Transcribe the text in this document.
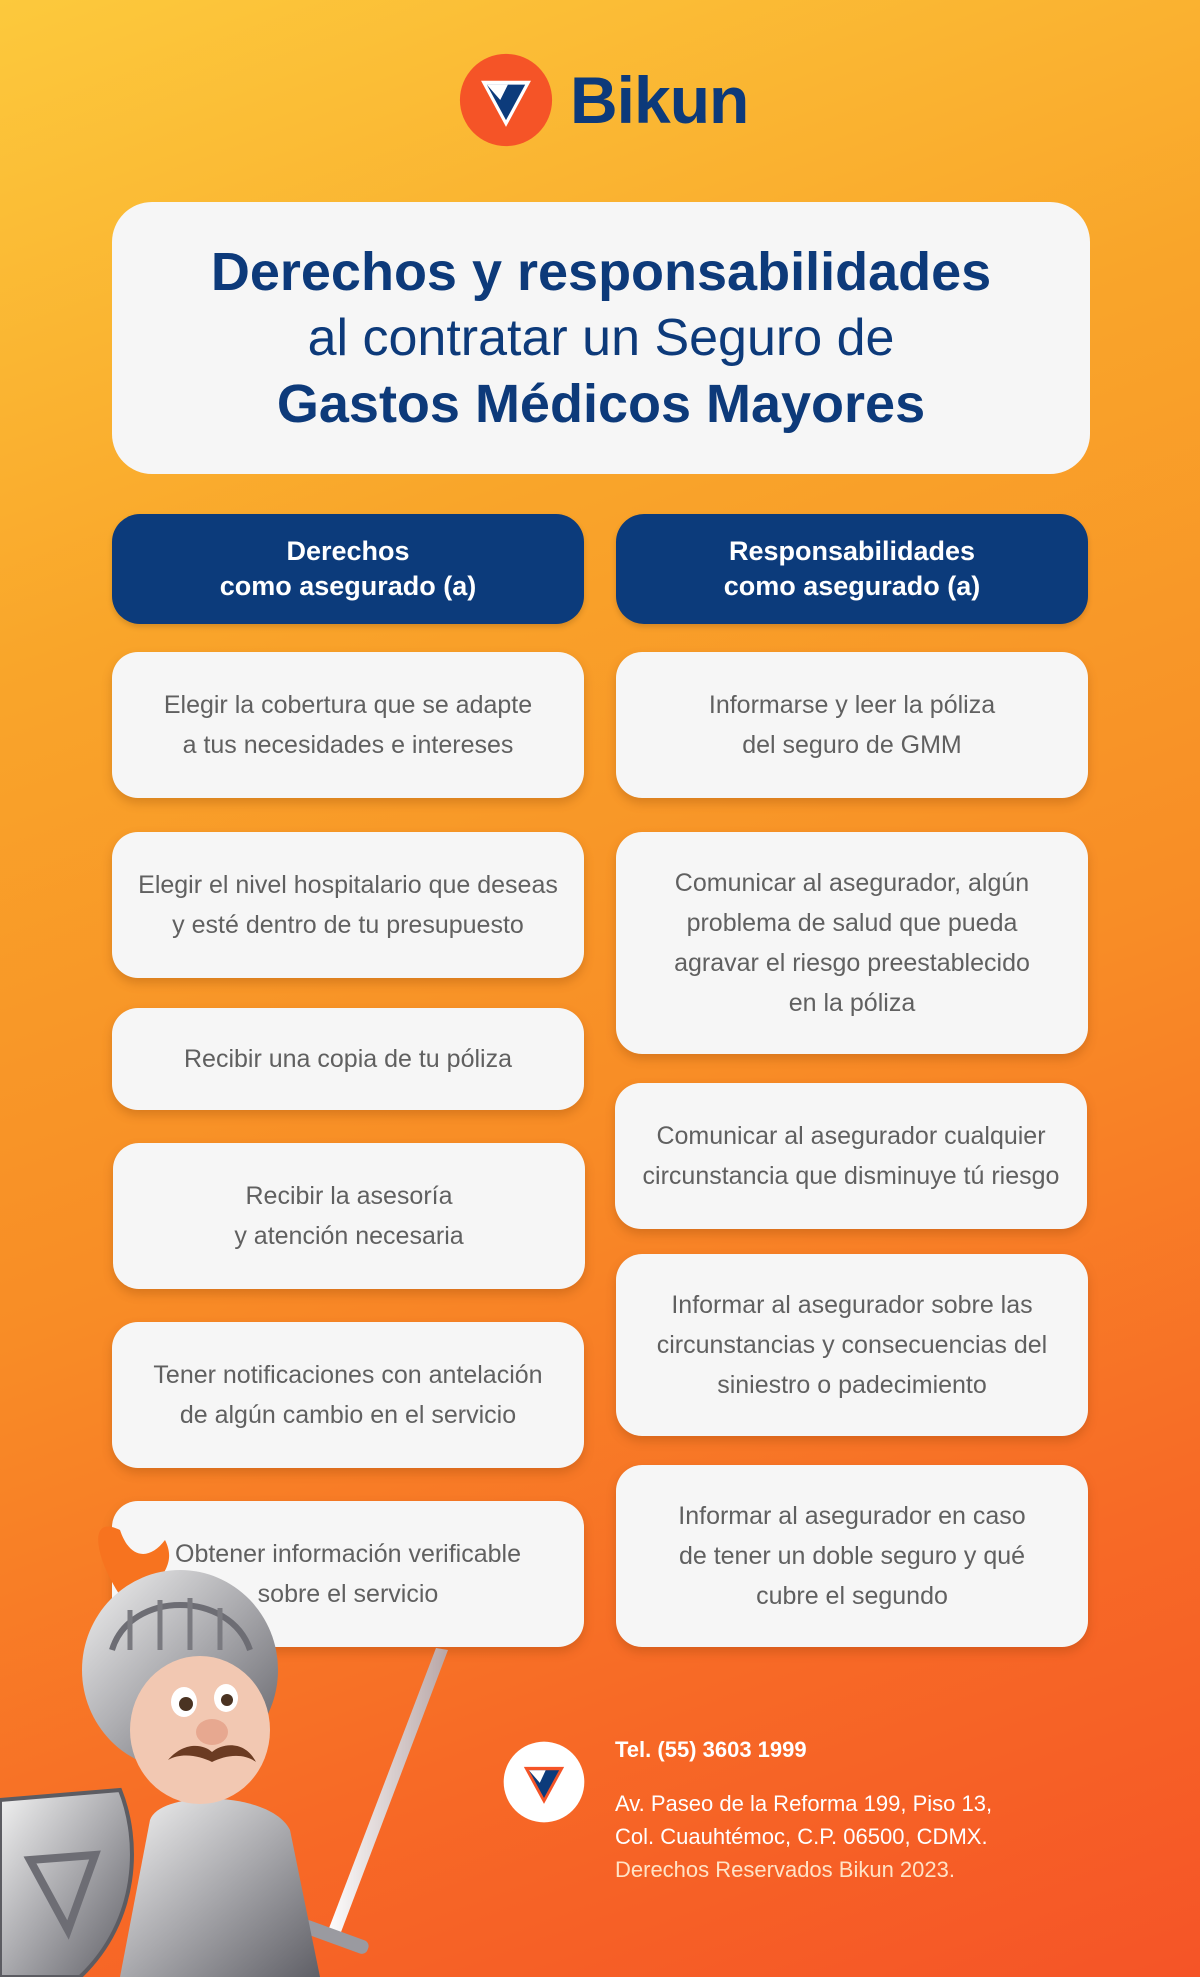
Bikun
Derechos y responsabilidades
al contratar un Seguro de
Gastos Médicos Mayores
Derechos
como asegurado (a)
Responsabilidades
como asegurado (a)
Elegir la cobertura que se adapte
a tus necesidades e intereses
Elegir el nivel hospitalario que deseas
y esté dentro de tu presupuesto
Recibir una copia de tu póliza
Recibir la asesoría
y atención necesaria
Tener notificaciones con antelación
de algún cambio en el servicio
Obtener información verificable
sobre el servicio
Informarse y leer la póliza
del seguro de GMM
Comunicar al asegurador, algún
problema de salud que pueda
agravar el riesgo preestablecido
en la póliza
Comunicar al asegurador cualquier
circunstancia que disminuye tú riesgo
Informar al asegurador sobre las
circunstancias y consecuencias del
siniestro o padecimiento
Informar al asegurador en caso
de tener un doble seguro y qué
cubre el segundo
Tel. (55) 3603 1999
Av. Paseo de la Reforma 199, Piso 13,
Col. Cuauhtémoc, C.P. 06500, CDMX.
Derechos Reservados Bikun 2023.
